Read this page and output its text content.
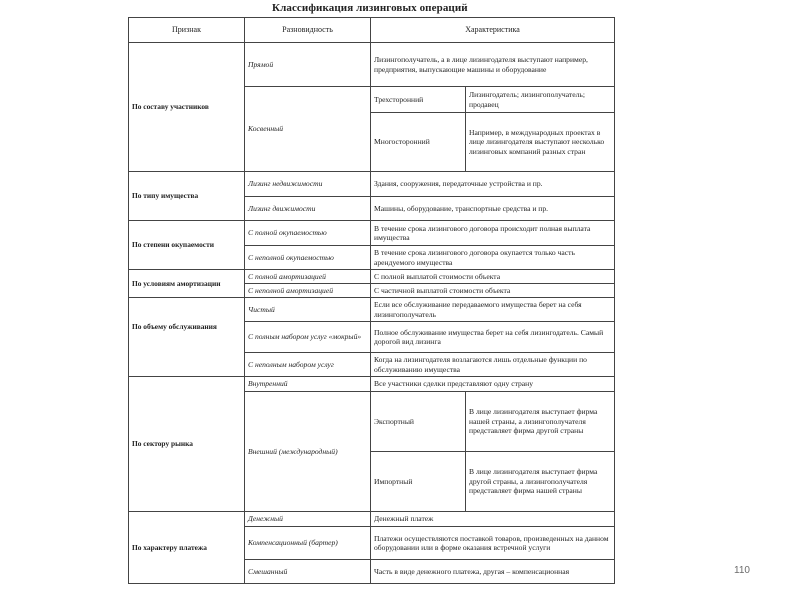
Классификация лизинговых операций
Признак	Разновидность	Характеристика	
По составу участников	Прямой	Лизингополучатель, а в лице лизингодателя выступают например, предприятия, выпускающие машины и оборудование	
	Косвенный	Трехсторонний	Лизингодатель; лизингополучатель; продавец
		Многосторонний	Например, в международных проектах в лице лизингодателя выступают несколько лизинговых компаний разных стран
По типу имущества	Лизинг недвижимости	Здания, сооружения, передаточные устройства и пр.	
	Лизинг движимости	Машины, оборудование, транспортные средства и пр.	
По степени окупаемости	С полной окупаемостью	В течение срока лизингового договора происходит полная выплата имущества	
	С неполной окупаемостью	В течение срока лизингового договора окупается только часть арендуемого имущества	
По условиям амортизации	С полной амортизацией	С полной выплатой стоимости объекта	
	С неполной амортизацией	С частичной выплатой стоимости объекта	
По объему обслуживания	Чистый	Если все обслуживание передаваемого имущества берет на себя лизингополучатель	
	С полным набором услуг «мокрый»	Полное обслуживание имущества берет на себя лизингодатель. Самый дорогой вид лизинга	
	С неполным набором услуг	Когда на лизингодателя возлагаются лишь отдельные функции по обслуживанию имущества	
По сектору рынка	Внутренний	Все участники сделки представляют одну страну	
	Внешний (международный)	Экспортный	В лице лизингодателя выступает фирма нашей страны, а лизингополучателя представляет фирма другой страны
		Импортный	В лице лизингодателя выступает фирма другой страны, а лизингополучателя представляет фирма нашей страны
По характеру платежа	Денежный	Денежный платеж	
	Компенсационный (бартер)	Платежи осуществляются поставкой товаров, произведенных на данном оборудовании или в форме оказания встречной услуги	
	Смешанный	Часть в виде денежного платежа, другая – компенсационная		110
